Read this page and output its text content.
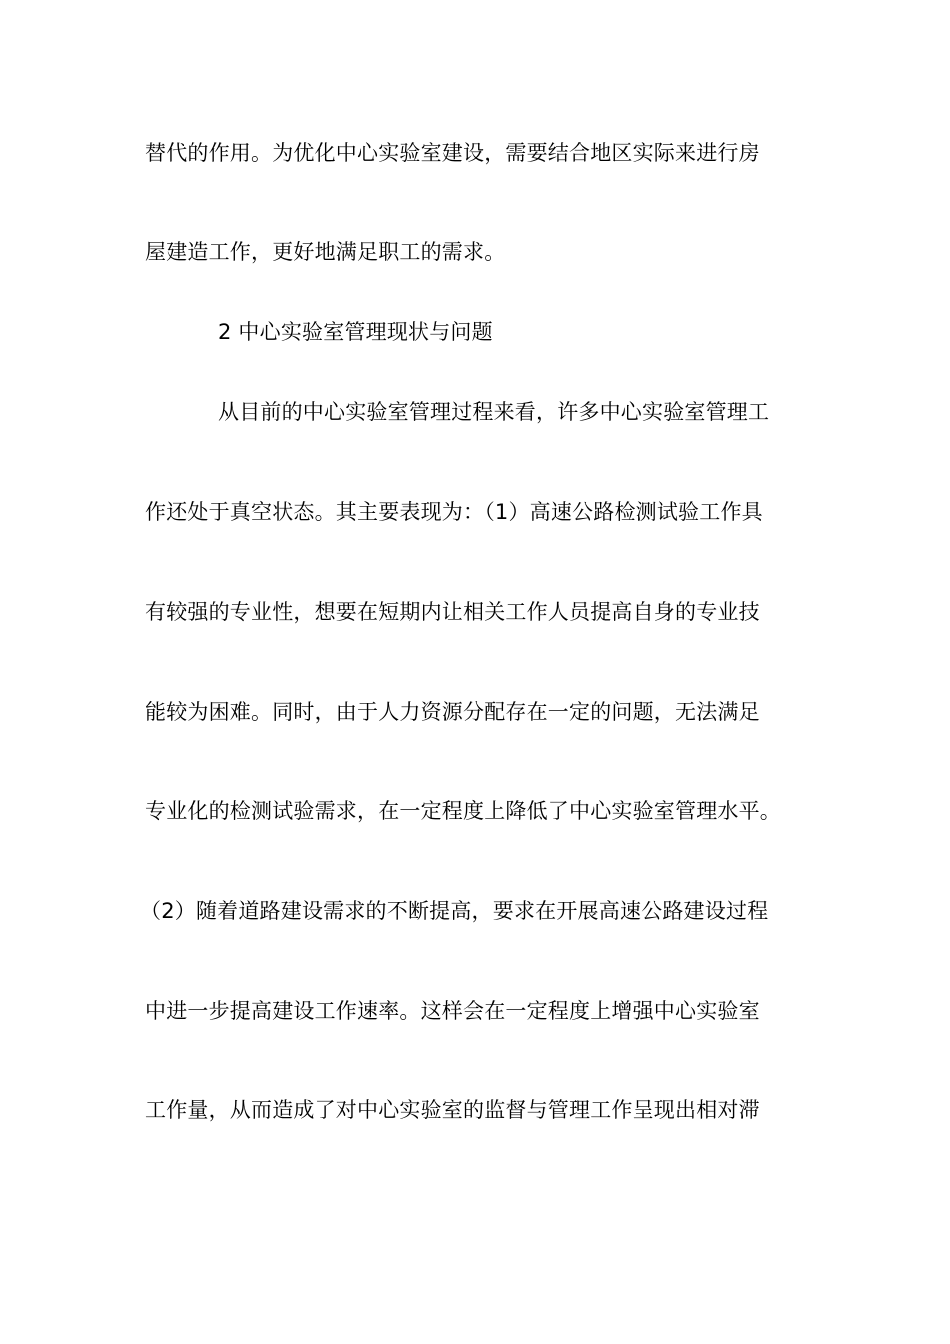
替代的作用。为优化中心实验室建设，需要结合地区实际来进行房
屋建造工作，更好地满足职工的需求。
2 中心实验室管理现状与问题
从目前的中心实验室管理过程来看，许多中心实验室管理工
作还处于真空状态。其主要表现为：（1）高速公路检测试验工作具
有较强的专业性，想要在短期内让相关工作人员提高自身的专业技
能较为困难。同时，由于人力资源分配存在一定的问题，无法满足
专业化的检测试验需求，在一定程度上降低了中心实验室管理水平。
（2）随着道路建设需求的不断提高，要求在开展高速公路建设过程
中进一步提高建设工作速率。这样会在一定程度上增强中心实验室
工作量，从而造成了对中心实验室的监督与管理工作呈现出相对滞
